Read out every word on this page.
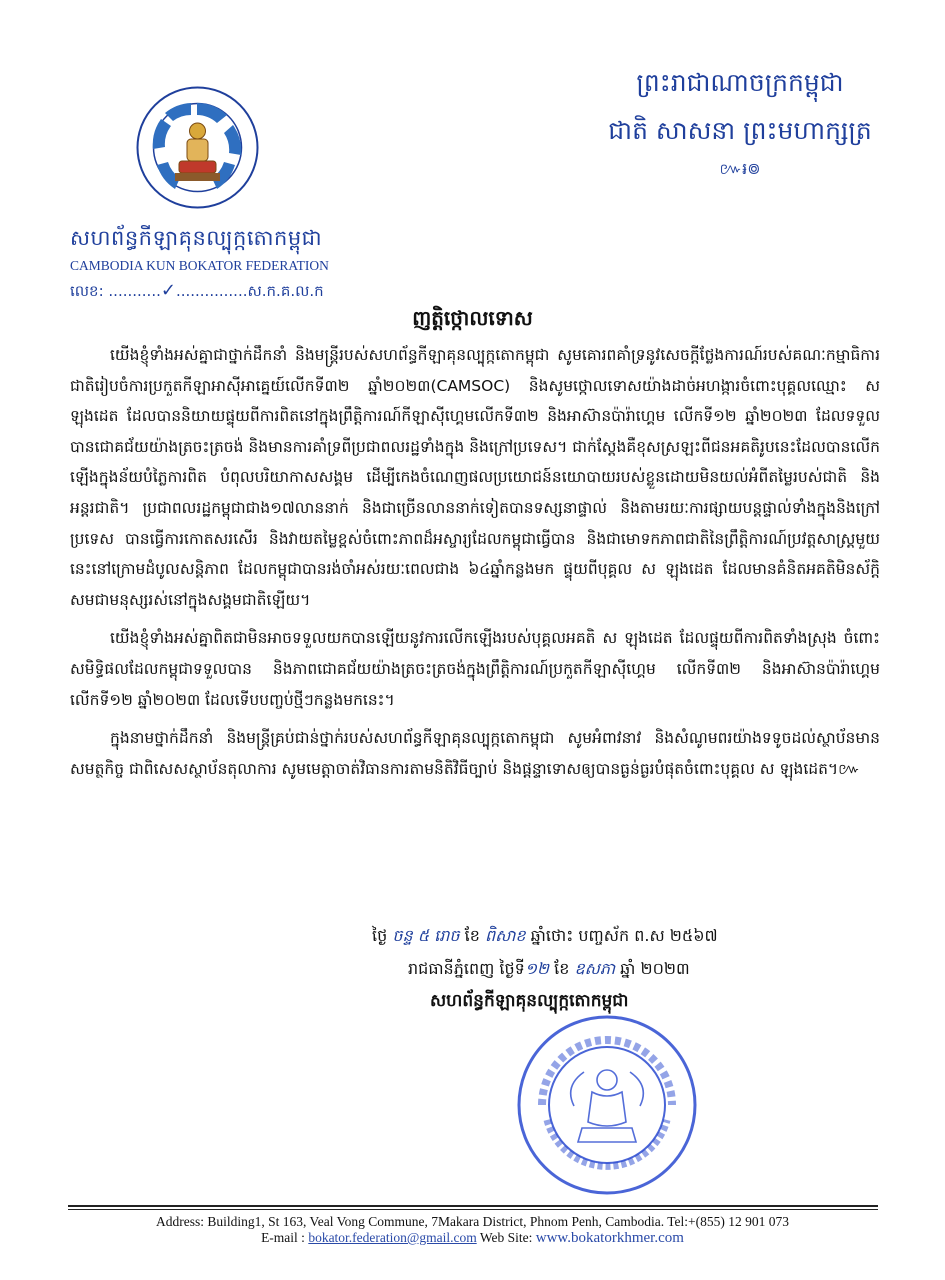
សហព័ន្ធកីឡាគុនល្បុក្កតោកម្ពុជា
CAMBODIA KUN BOKATOR FEDERATION
លេខ: ...........✓...............ស.ក.គ.ល.ក
ព្រះរាជាណាចក្រកម្ពុជា
ជាតិ សាសនា ព្រះមហាក្សត្រ
៚៛៙
ញត្តិថ្កោលទោស

យើងខ្ញុំទាំងអស់គ្នាជាថ្នាក់ដឹកនាំ និងមន្ត្រីរបស់សហព័ន្ធកីឡាគុនល្បុក្កតោកម្ពុជា សូមគោរពគាំទ្រនូវសេចក្តីថ្លែងការណ៍របស់គណៈកម្មាធិការជាតិរៀបចំការប្រកួតកីឡាអាស៊ីអាគ្នេយ៍លើកទី៣២ ឆ្នាំ២០២៣(CAMSOC) និងសូមថ្កោលទោសយ៉ាងដាច់អហង្ការចំពោះបុគ្គលឈ្មោះ ស ឡុងដេត ដែលបាននិយាយផ្ទុយពីការពិតនៅក្នុងព្រឹត្តិការណ៍កីឡាស៊ីហ្គេមលើកទី៣២ និងអាស៊ានប៉ារ៉ាហ្គេម លើកទី១២ ឆ្នាំ២០២៣ ដែលទទួលបានជោគជ័យយ៉ាងត្រចះត្រចង់ និងមានការគាំទ្រពីប្រជាពលរដ្ឋទាំងក្នុង និងក្រៅប្រទេស។ ជាក់ស្តែងគឺខុសស្រឡះពីជនអគតិរូបនេះដែលបានលើកឡើងក្នុងន័យបំភ្លៃការពិត បំពុលបរិយាកាសសង្គម ដើម្បីកេងចំណេញផលប្រយោជន៍នយោបាយរបស់ខ្លួនដោយមិនយល់អំពីតម្លៃរបស់ជាតិ និងអន្តរជាតិ។ ប្រជាពលរដ្ឋកម្ពុជាជាង១៧លាននាក់ និងជាច្រើនលាននាក់ទៀតបានទស្សនាផ្ទាល់ និងតាមរយៈការផ្សាយបន្តផ្ទាល់ទាំងក្នុងនិងក្រៅប្រទេស បានធ្វើការកោតសរសើរ និងវាយតម្លៃខ្ពស់ចំពោះភាពដ៏អស្ចារ្យដែលកម្ពុជាធ្វើបាន និងជាមោទកភាពជាតិនៃព្រឹត្តិការណ៍ប្រវត្តសាស្ត្រមួយនេះនៅក្រោមដំបូលសន្តិភាព ដែលកម្ពុជាបានរង់ចាំអស់រយៈពេលជាង ៦៤ឆ្នាំកន្លងមក ផ្ទុយពីបុគ្គល ស ឡុងដេត ដែលមានគំនិតអគតិមិនស័ក្តិសមជាមនុស្សរស់នៅក្នុងសង្គមជាតិឡើយ។

យើងខ្ញុំទាំងអស់គ្នាពិតជាមិនអាចទទួលយកបានឡើយនូវការលើកឡើងរបស់បុគ្គលអគតិ ស ឡុងដេត ដែលផ្ទុយពីការពិតទាំងស្រុង ចំពោះសមិទ្ធិផលដែលកម្ពុជាទទួលបាន និងភាពជោគជ័យយ៉ាងត្រចះត្រចង់ក្នុងព្រឹត្តិការណ៍ប្រកួតកីឡាស៊ីហ្គេម លើកទី៣២ និងអាស៊ានប៉ារ៉ាហ្គេម លើកទី១២ ឆ្នាំ២០២៣ ដែលទើបបញ្ចប់ថ្មីៗកន្លងមកនេះ។

ក្នុងនាមថ្នាក់ដឹកនាំ និងមន្ត្រីគ្រប់ជាន់ថ្នាក់របស់សហព័ន្ធកីឡាគុនល្បុក្កតោកម្ពុជា សូមអំពាវនាវ និងសំណូមពរយ៉ាងទទូចដល់ស្ថាប័នមានសមត្ថកិច្ច ជាពិសេសស្ថាប័នតុលាការ សូមមេត្តាចាត់វិធានការតាមនិតិវិធីច្បាប់ និងផ្តន្ទាទោសឲ្យបានធ្ងន់ធ្ងរបំផុតចំពោះបុគ្គល ស ឡុងដេត។៚

ថ្ងៃ ចន្ទ ៥ រោច ខែ ពិសាខ ឆ្នាំថោះ បញ្ចស័ក ព.ស ២៥៦៧
រាជធានីភ្នំពេញ ថ្ងៃទី១២ ខែ ឧសភា ឆ្នាំ ២០២៣
សហព័ន្ធកីឡាគុនល្បុក្កតោកម្ពុជា
Address: Building1, St 163, Veal Vong Commune, 7Makara District, Phnom Penh, Cambodia. Tel:+(855) 12 901 073
E-mail : bokator.federation@gmail.com Web Site: www.bokatorkhmer.com
